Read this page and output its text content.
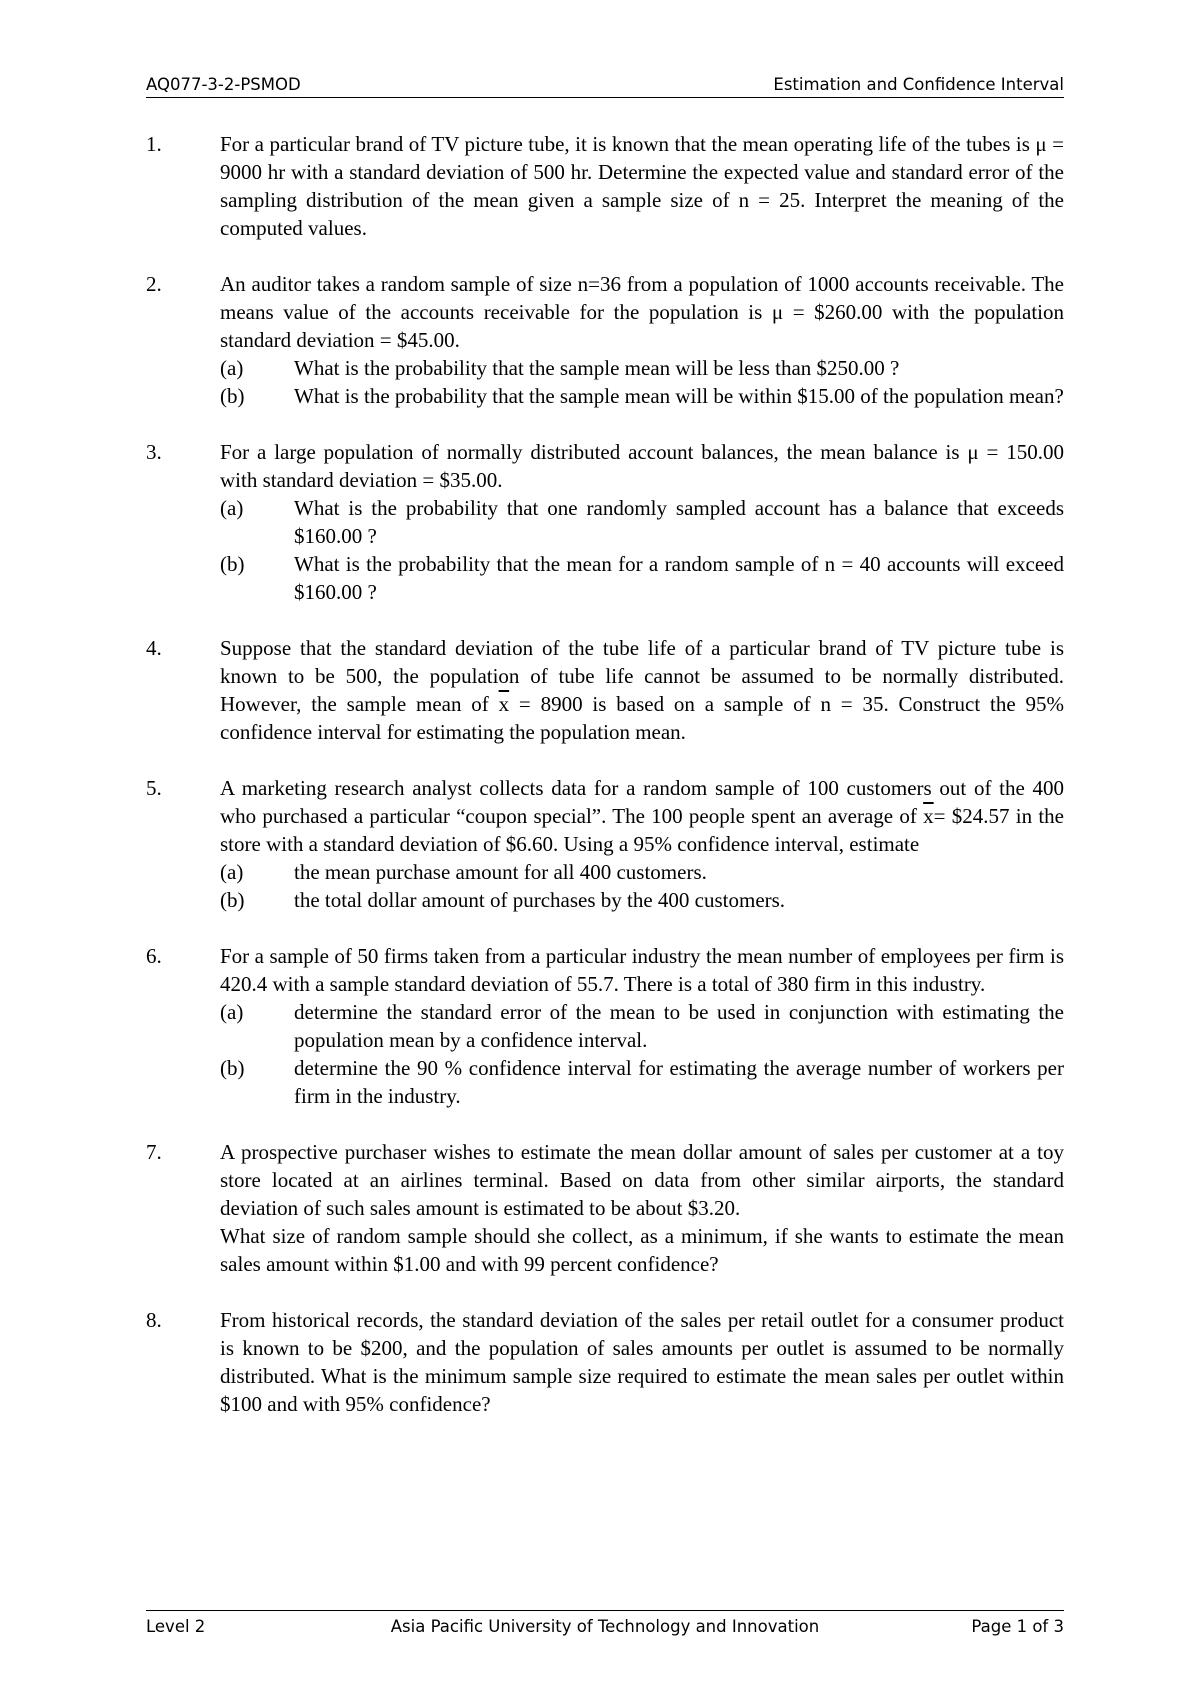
AQ077-3-2-PSMOD	Estimation and Confidence Interval
1.	For a particular brand of TV picture tube, it is known that the mean operating life of the tubes is μ = 9000 hr with a standard deviation of 500 hr. Determine the expected value and standard error of the sampling distribution of the mean given a sample size of n = 25. Interpret the meaning of the computed values.

2.	An auditor takes a random sample of size n=36 from a population of 1000 accounts receivable. The means value of the accounts receivable for the population is μ = $260.00 with the population standard deviation = $45.00.

(a)	What is the probability that the sample mean will be less than $250.00 ?
(b)	What is the probability that the sample mean will be within $15.00 of the population mean?
3.	For a large population of normally distributed account balances, the mean balance is μ = 150.00 with standard deviation = $35.00.

(a)	What is the probability that one randomly sampled account has a balance that exceeds $160.00 ?
(b)	What is the probability that the mean for a random sample of n = 40 accounts will exceed $160.00 ?
4.	Suppose that the standard deviation of the tube life of a particular brand of TV picture tube is known to be 500, the population of tube life cannot be assumed to be normally distributed. However, the sample mean of $\overline{x} = 8900$ is based on a sample of n = 35. Construct the 95% confidence interval for estimating the population mean.

5.	A marketing research analyst collects data for a random sample of 100 customers out of the 400 who purchased a particular “coupon special”. The 100 people spent an average of $\overline{x}=$ $24.57 in the store with a standard deviation of $6.60. Using a 95% confidence interval, estimate

(a)	the mean purchase amount for all 400 customers.
(b)	the total dollar amount of purchases by the 400 customers.
6.	For a sample of 50 firms taken from a particular industry the mean number of employees per firm is 420.4 with a sample standard deviation of 55.7. There is a total of 380 firm in this industry.

(a)	determine the standard error of the mean to be used in conjunction with estimating the population mean by a confidence interval.
(b)	determine the 90 % confidence interval for estimating the average number of workers per firm in the industry.
7.	A prospective purchaser wishes to estimate the mean dollar amount of sales per customer at a toy store located at an airlines terminal. Based on data from other similar airports, the standard deviation of such sales amount is estimated to be about $3.20.

What size of random sample should she collect, as a minimum, if she wants to estimate the mean sales amount within $1.00 and with 99 percent confidence?

8.	From historical records, the standard deviation of the sales per retail outlet for a consumer product is known to be $200, and the population of sales amounts per outlet is assumed to be normally distributed. What is the minimum sample size required to estimate the mean sales per outlet within $100 and with 95% confidence?

Level 2	Asia Pacific University of Technology and Innovation	Page 1 of 3
